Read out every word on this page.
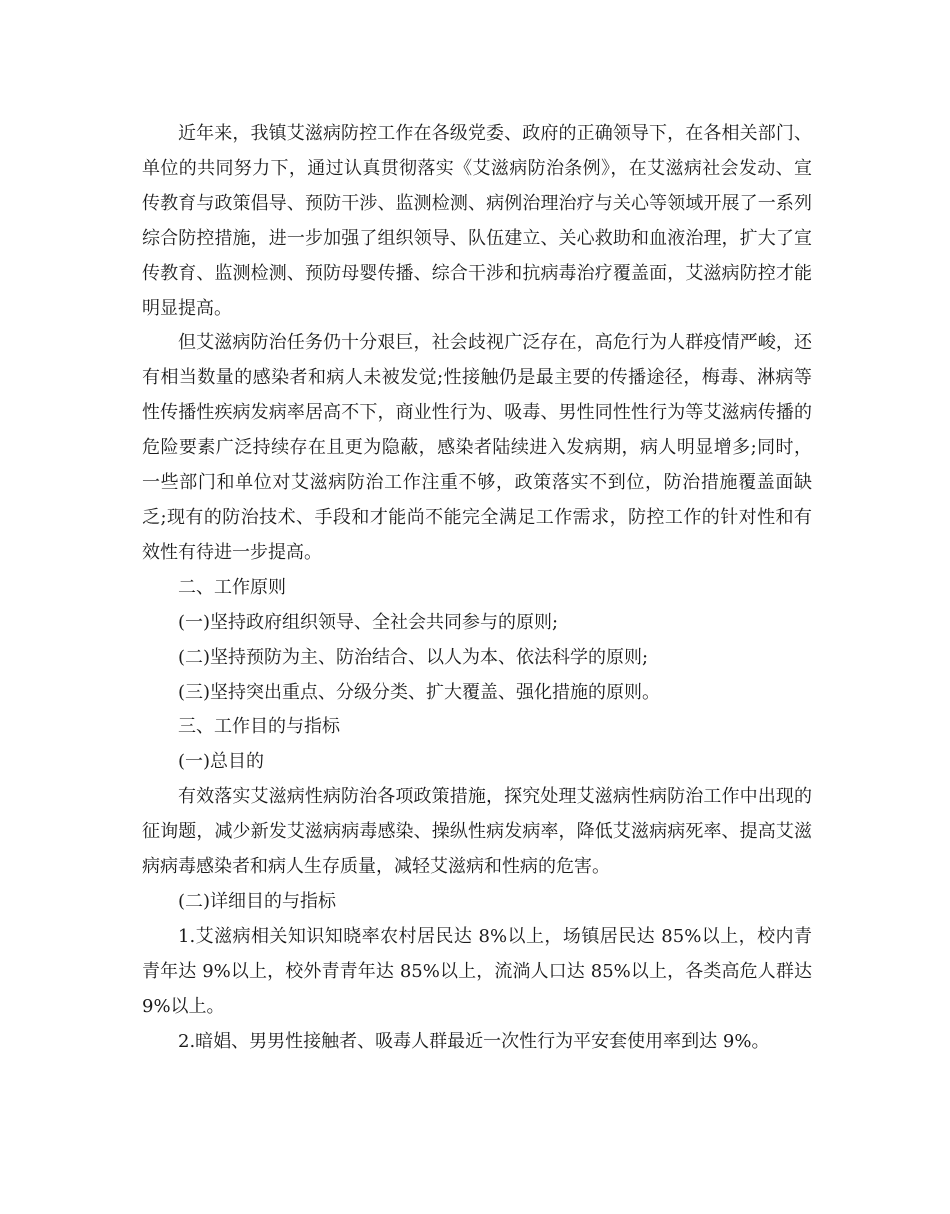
近年来，我镇艾滋病防控工作在各级党委、政府的正确领导下，在各相关部门、单位的共同努力下，通过认真贯彻落实《艾滋病防治条例》，在艾滋病社会发动、宣传教育与政策倡导、预防干涉、监测检测、病例治理治疗与关心等领域开展了一系列综合防控措施，进一步加强了组织领导、队伍建立、关心救助和血液治理，扩大了宣传教育、监测检测、预防母婴传播、综合干涉和抗病毒治疗覆盖面，艾滋病防控才能明显提高。

但艾滋病防治任务仍十分艰巨，社会歧视广泛存在，高危行为人群疫情严峻，还有相当数量的感染者和病人未被发觉;性接触仍是最主要的传播途径，梅毒、淋病等性传播性疾病发病率居高不下，商业性行为、吸毒、男性同性性行为等艾滋病传播的危险要素广泛持续存在且更为隐蔽，感染者陆续进入发病期，病人明显增多;同时，一些部门和单位对艾滋病防治工作注重不够，政策落实不到位，防治措施覆盖面缺乏;现有的防治技术、手段和才能尚不能完全满足工作需求，防控工作的针对性和有效性有待进一步提高。

二、工作原则

(一)坚持政府组织领导、全社会共同参与的原则;

(二)坚持预防为主、防治结合、以人为本、依法科学的原则;

(三)坚持突出重点、分级分类、扩大覆盖、强化措施的原则。

三、工作目的与指标

(一)总目的

有效落实艾滋病性病防治各项政策措施，探究处理艾滋病性病防治工作中出现的征询题，减少新发艾滋病病毒感染、操纵性病发病率，降低艾滋病病死率、提高艾滋病病毒感染者和病人生存质量，减轻艾滋病和性病的危害。

(二)详细目的与指标

1.艾滋病相关知识知晓率农村居民达 8%以上，场镇居民达 85%以上，校内青青年达 9%以上，校外青青年达 85%以上，流淌人口达 85%以上，各类高危人群达 9%以上。

2.暗娼、男男性接触者、吸毒人群最近一次性行为平安套使用率到达 9%。
